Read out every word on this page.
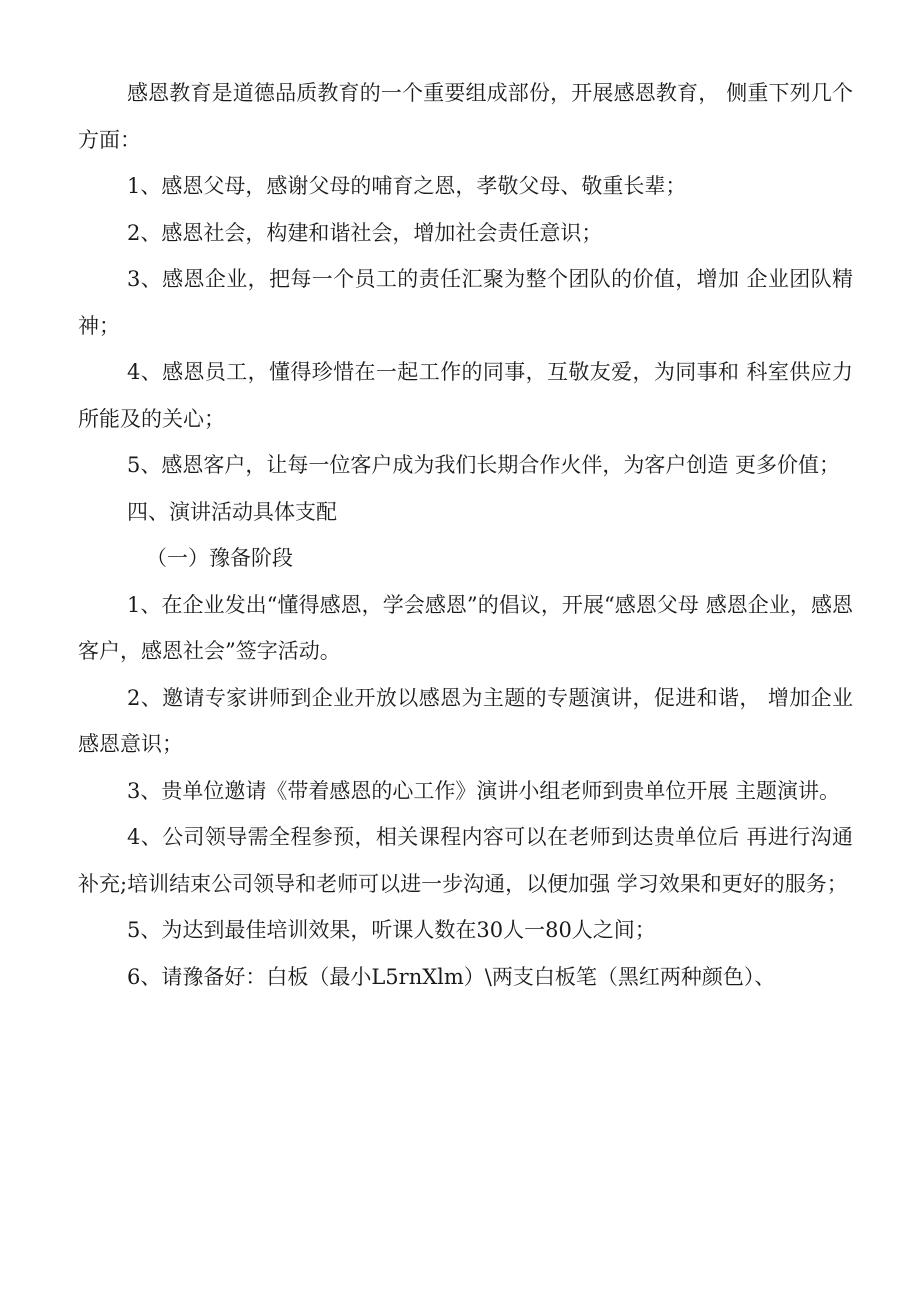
感恩教育是道德品质教育的一个重要组成部份，开展感恩教育， 侧重下列几个方面：

1、感恩父母，感谢父母的哺育之恩，孝敬父母、敬重长辈；

2、感恩社会，构建和谐社会，增加社会责任意识；

3、感恩企业，把每一个员工的责任汇聚为整个团队的价值，增加 企业团队精神；

4、感恩员工，懂得珍惜在一起工作的同事，互敬友爱，为同事和 科室供应力所能及的关心；

5、感恩客户，让每一位客户成为我们长期合作火伴，为客户创造 更多价值；

四、演讲活动具体支配

（一）豫备阶段

1、在企业发出“懂得感恩，学会感恩”的倡议，开展“感恩父母 感恩企业，感恩客户，感恩社会”签字活动。

2、邀请专家讲师到企业开放以感恩为主题的专题演讲，促进和谐， 增加企业感恩意识；

3、贵单位邀请《带着感恩的心工作》演讲小组老师到贵单位开展 主题演讲。

4、公司领导需全程参预，相关课程内容可以在老师到达贵单位后 再进行沟通补充;培训结束公司领导和老师可以进一步沟通，以便加强 学习效果和更好的服务；

5、为达到最佳培训效果，听课人数在30人一80人之间；

6、请豫备好：白板（最小L5rnXlm）\两支白板笔（黑红两种颜色）、
